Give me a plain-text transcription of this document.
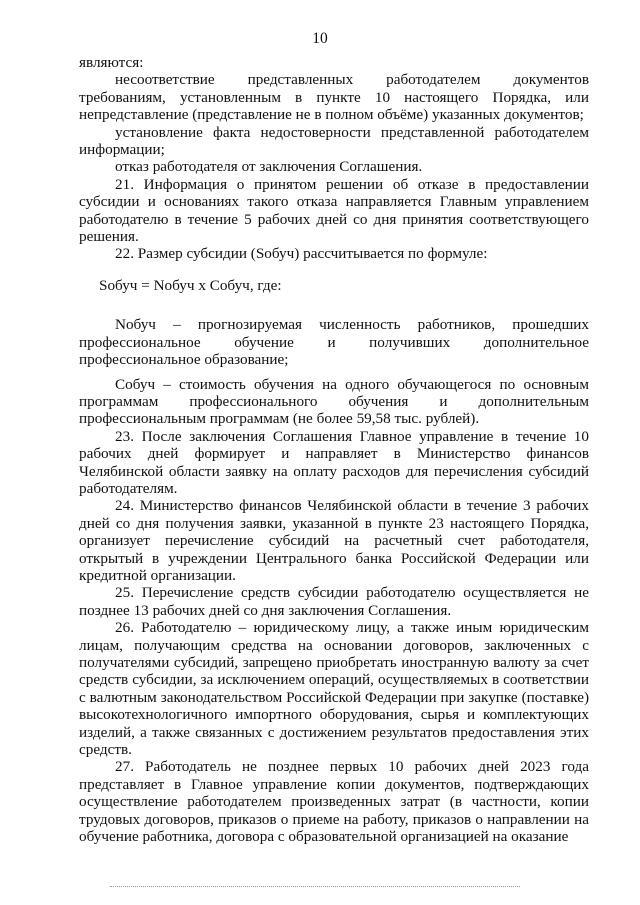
10

являются:

несоответствие представленных работодателем документов требованиям, установленным в пункте 10 настоящего Порядка, или непредставление (представление не в полном объёме) указанных документов;

установление факта недостоверности представленной работодателем информации;

отказ работодателя от заключения Соглашения.

21. Информация о принятом решении об отказе в предоставлении субсидии и основаниях такого отказа направляется Главным управлением работодателю в течение 5 рабочих дней со дня принятия соответствующего решения.

22. Размер субсидии (Sобуч) рассчитывается по формуле:

Sобуч = Nобуч х Собуч, где:

Nобуч – прогнозируемая численность работников, прошедших профессиональное обучение и получивших дополнительное профессиональное образование;

Собуч – стоимость обучения на одного обучающегося по основным программам профессионального обучения и дополнительным профессиональным программам (не более 59,58 тыс. рублей).

23. После заключения Соглашения Главное управление в течение 10 рабочих дней формирует и направляет в Министерство финансов Челябинской области заявку на оплату расходов для перечисления субсидий работодателям.

24. Министерство финансов Челябинской области в течение 3 рабочих дней со дня получения заявки, указанной в пункте 23 настоящего Порядка, организует перечисление субсидий на расчетный счет работодателя, открытый в учреждении Центрального банка Российской Федерации или кредитной организации.

25. Перечисление средств субсидии работодателю осуществляется не позднее 13 рабочих дней со дня заключения Соглашения.

26. Работодателю – юридическому лицу, а также иным юридическим лицам, получающим средства на основании договоров, заключенных с получателями субсидий, запрещено приобретать иностранную валюту за счет средств субсидии, за исключением операций, осуществляемых в соответствии с валютным законодательством Российской Федерации при закупке (поставке) высокотехнологичного импортного оборудования, сырья и комплектующих изделий, а также связанных с достижением результатов предоставления этих средств.

27. Работодатель не позднее первых 10 рабочих дней 2023 года представляет в Главное управление копии документов, подтверждающих осуществление работодателем произведенных затрат (в частности, копии трудовых договоров, приказов о приеме на работу, приказов о направлении на обучение работника, договора с образовательной организацией на оказание
